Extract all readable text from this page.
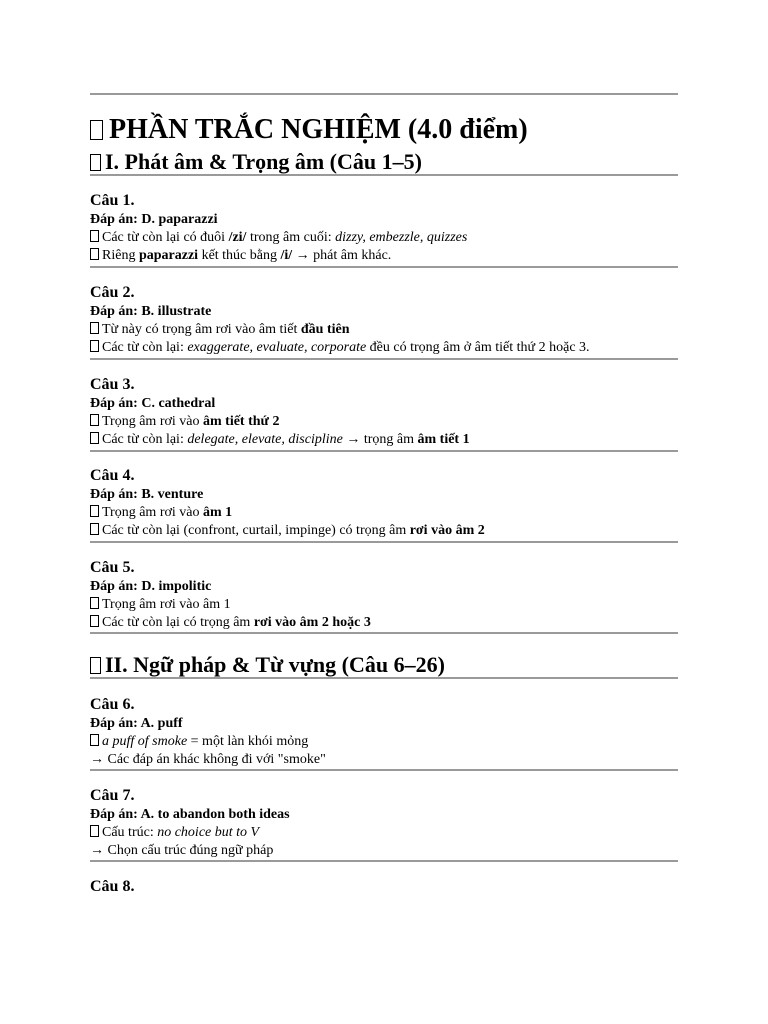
PHẦN TRẮC NGHIỆM (4.0 điểm)
I. Phát âm & Trọng âm (Câu 1–5)
Câu 1.
Đáp án: D. paparazzi
Các từ còn lại có đuôi /zi/ trong âm cuối: dizzy, embezzle, quizzes
Riêng paparazzi kết thúc bằng /i/ → phát âm khác.
Câu 2.
Đáp án: B. illustrate
Từ này có trọng âm rơi vào âm tiết đầu tiên
Các từ còn lại: exaggerate, evaluate, corporate đều có trọng âm ở âm tiết thứ 2 hoặc 3.
Câu 3.
Đáp án: C. cathedral
Trọng âm rơi vào âm tiết thứ 2
Các từ còn lại: delegate, elevate, discipline → trọng âm âm tiết 1
Câu 4.
Đáp án: B. venture
Trọng âm rơi vào âm 1
Các từ còn lại (confront, curtail, impinge) có trọng âm rơi vào âm 2
Câu 5.
Đáp án: D. impolitic
Trọng âm rơi vào âm 1
Các từ còn lại có trọng âm rơi vào âm 2 hoặc 3
II. Ngữ pháp & Từ vựng (Câu 6–26)
Câu 6.
Đáp án: A. puff
a puff of smoke = một làn khói mỏng
→ Các đáp án khác không đi với "smoke"
Câu 7.
Đáp án: A. to abandon both ideas
Cấu trúc: no choice but to V
→ Chọn cấu trúc đúng ngữ pháp
Câu 8.
